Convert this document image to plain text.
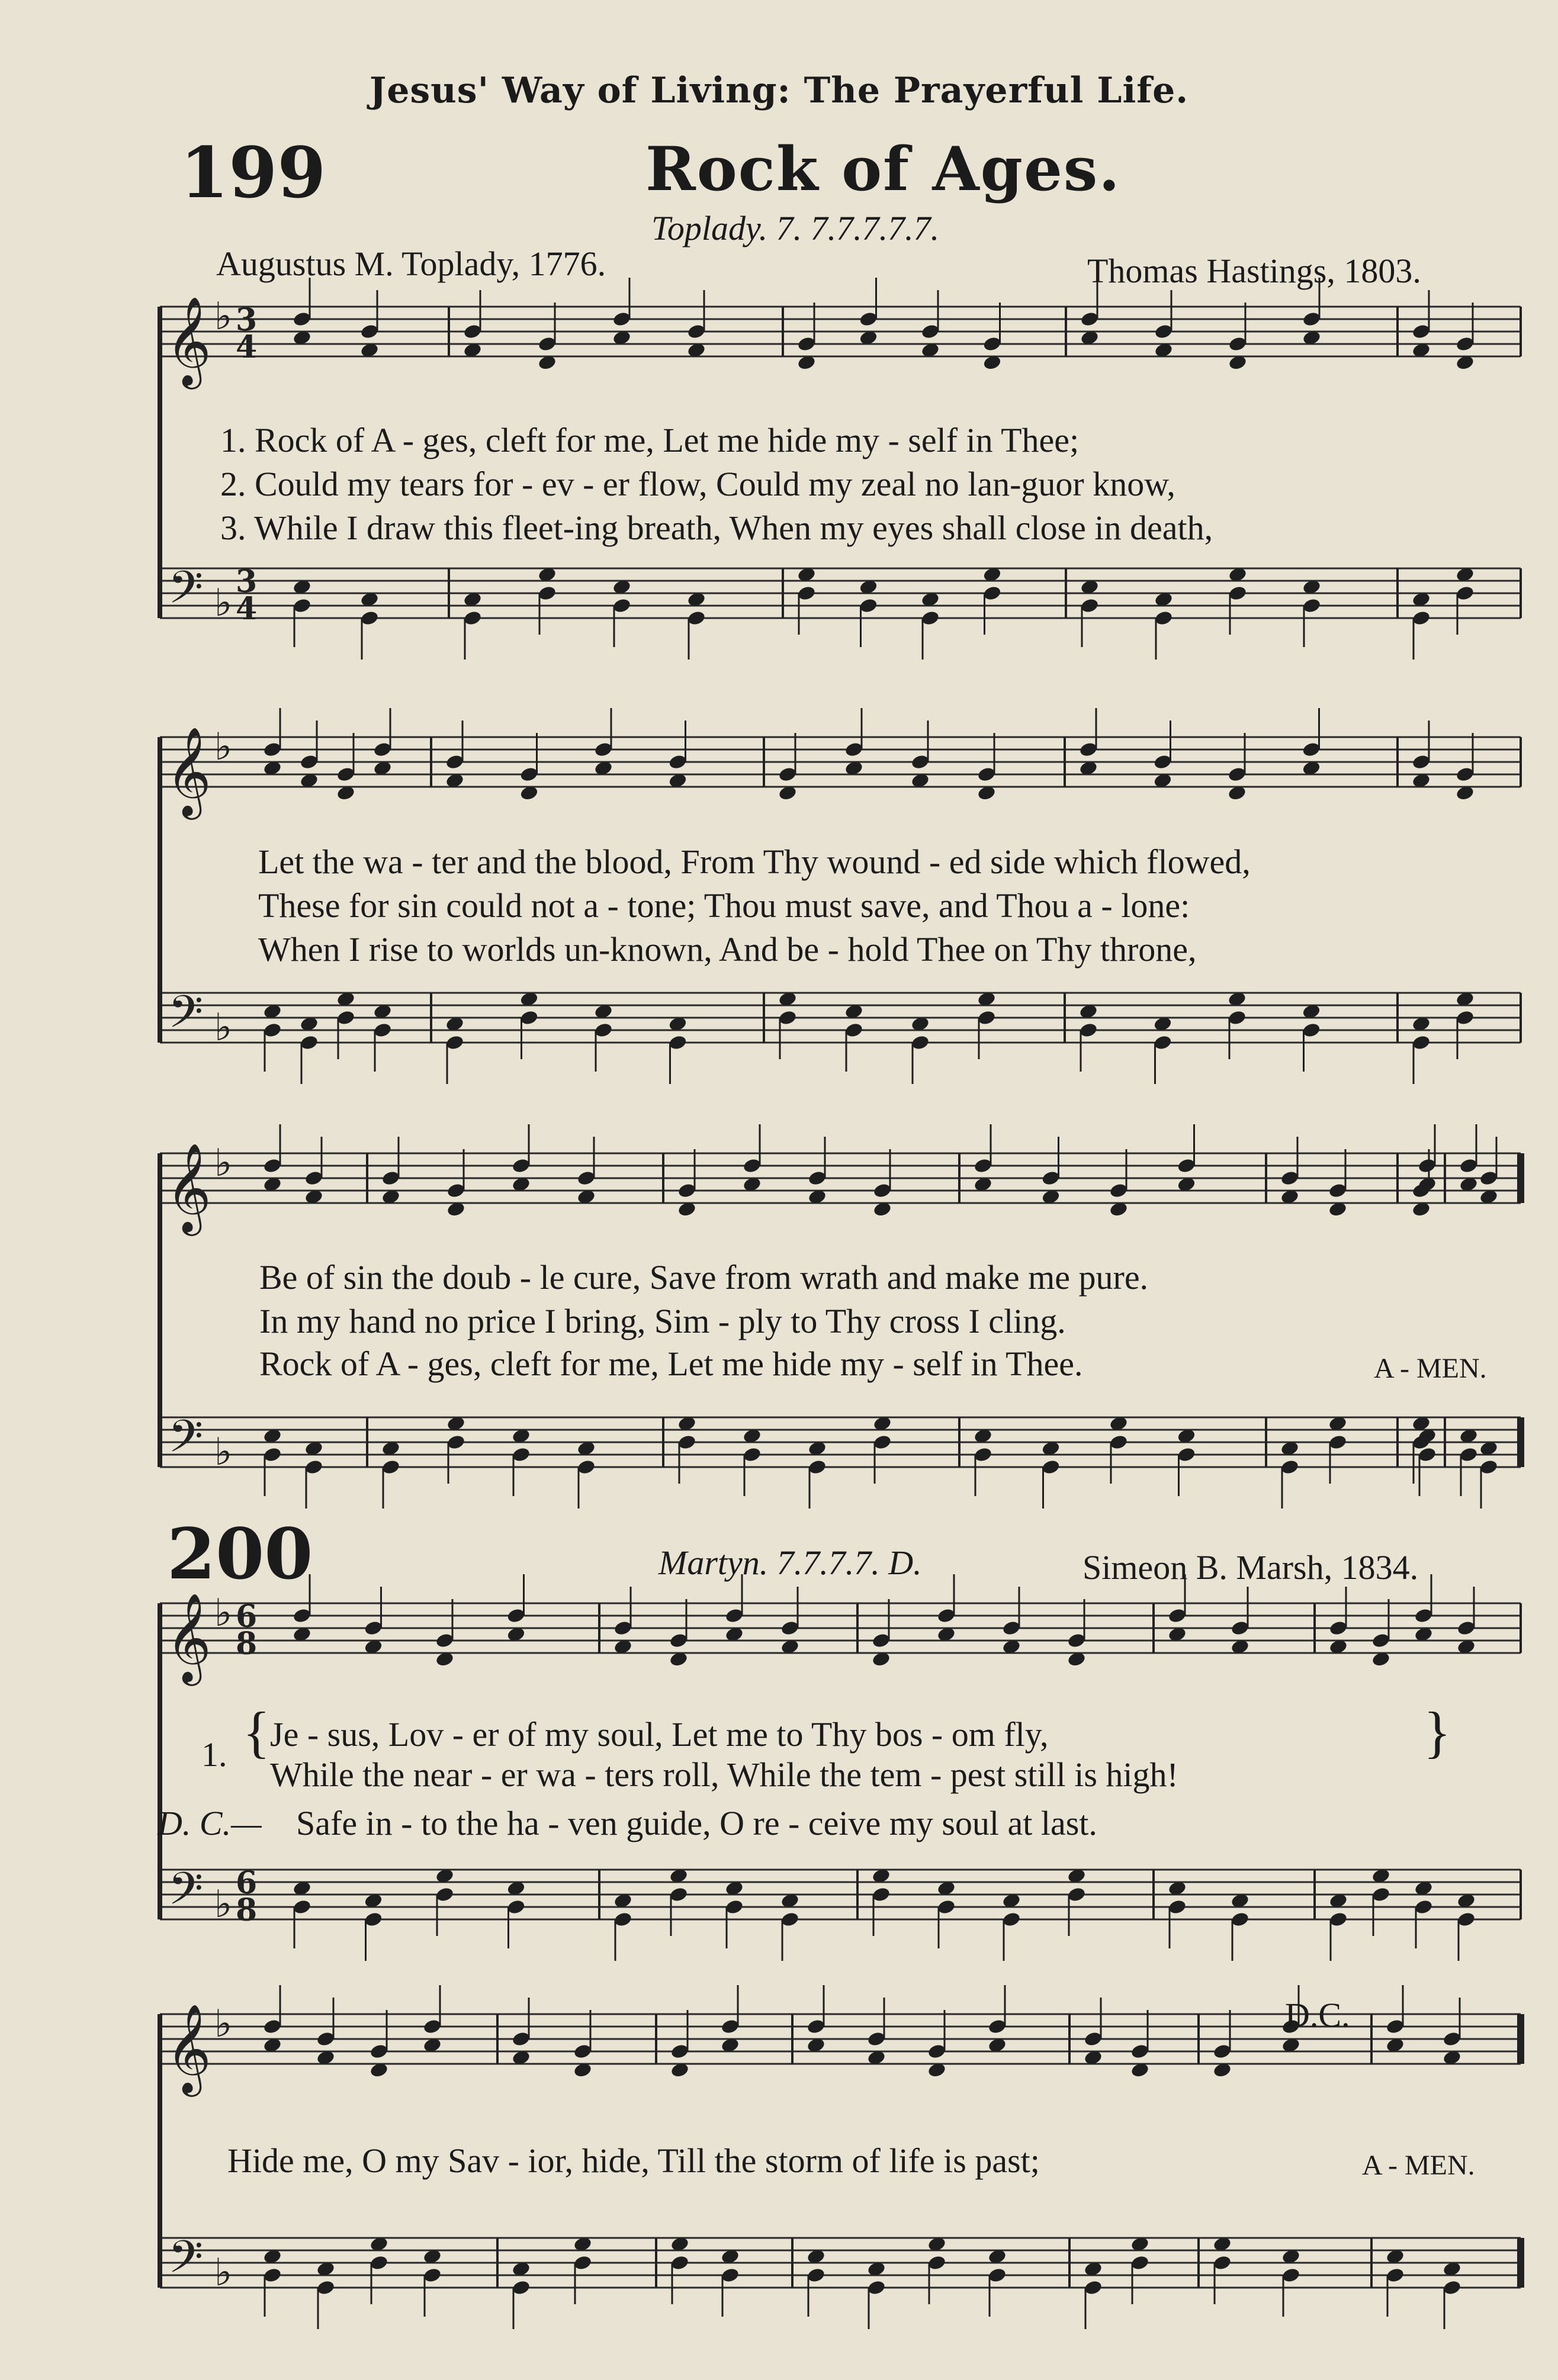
𝄞
𝄢
♭
♭
3
4
3
4
𝄞
𝄢
♭
♭
𝄞
𝄢
♭
♭
𝄞
𝄢
♭
♭
6
8
6
8
𝄞
𝄢
♭
♭
Jesus' Way of Living: The Prayerful Life.
199	Rock of Ages.
Toplady. 7. 7.7.7.7.7.
Augustus M. Toplady, 1776.	Thomas Hastings, 1803.
1. Rock of A - ges, cleft for me, Let me hide my - self in Thee;
2. Could my tears for - ev - er flow, Could my zeal no lan-guor know,
3. While I draw this fleet-ing breath, When my eyes shall close in death,
Let the wa - ter and the blood, From Thy wound - ed side which flowed,
These for sin could not a - tone; Thou must save, and Thou a - lone:
When I rise to worlds un-known, And be - hold Thee on Thy throne,
Be of sin the doub - le cure, Save from wrath and make me pure.
In my hand no price I bring, Sim - ply to Thy cross I cling.
Rock of A - ges, cleft for me, Let me hide my - self in Thee.	A - MEN.
200	Martyn. 7.7.7.7. D.	Simeon B. Marsh, 1834.
1. { Je - sus, Lov - er of my soul, Let me to Thy bos - om fly,
While the near - er wa - ters roll, While the tem - pest still is high!
}
D. C.— Safe in - to the ha - ven guide, O re - ceive my soul at last.
D.C.
Hide me, O my Sav - ior, hide, Till the storm of life is past;	A - MEN.
